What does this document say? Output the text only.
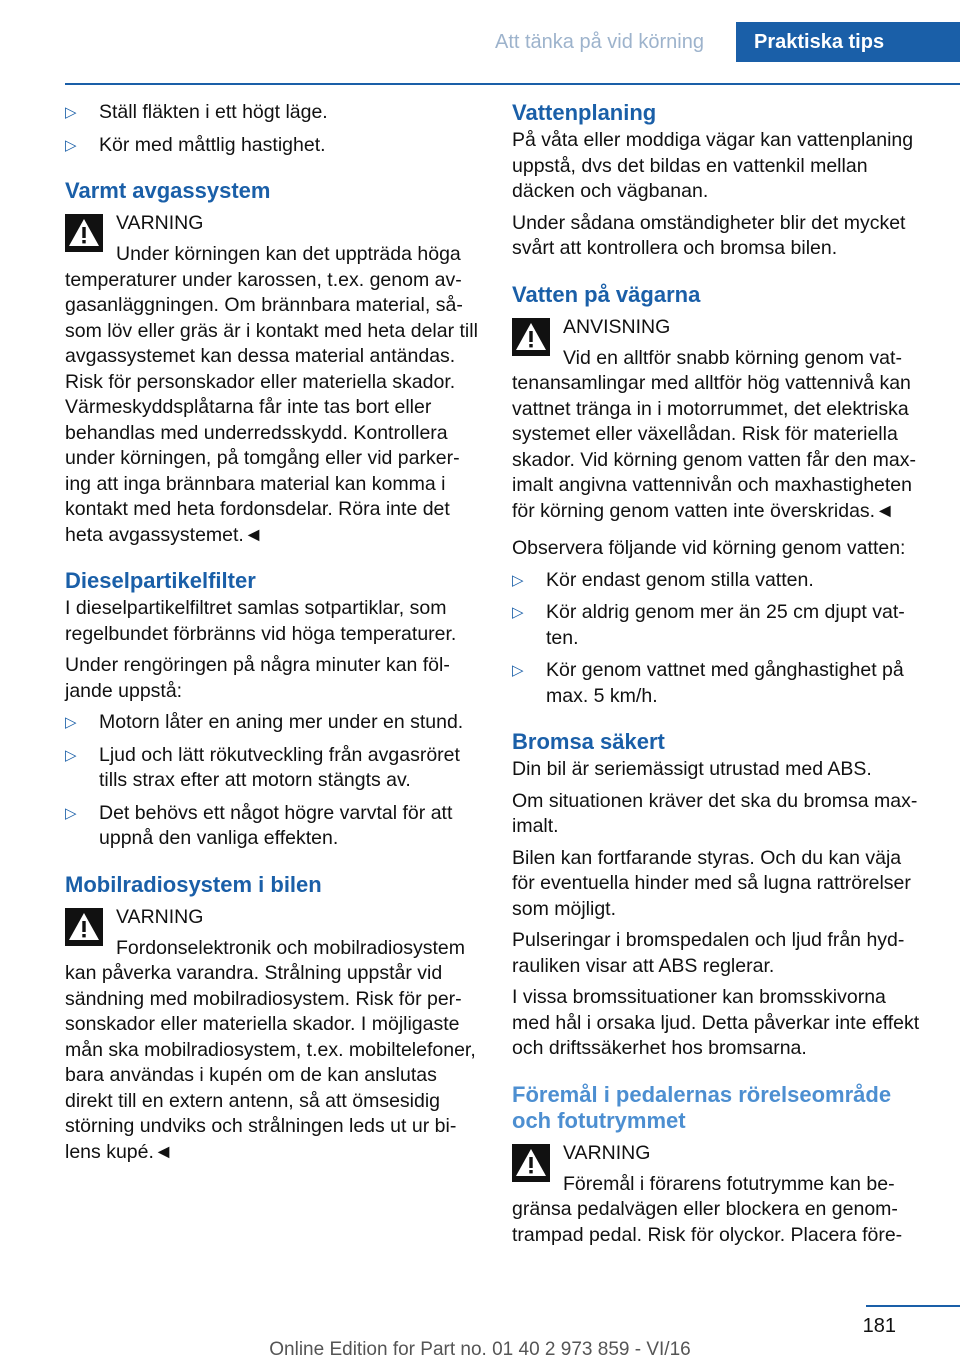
Att tänka på vid körning	Praktiska tips
▷ Ställ fläkten i ett högt läge.
▷ Kör med måttlig hastighet.
Varmt avgassystem
VARNING
Under körningen kan det uppträda höga temperaturer under karossen, t.ex. genom avgasanläggningen. Om brännbara material, såsom löv eller gräs är i kontakt med heta delar till avgassystemet kan dessa material antändas. Risk för personskador eller materiella skador. Värmeskyddsplåtarna får inte tas bort eller behandlas med underredsskydd. Kontrollera under körningen, på tomgång eller vid parkering att inga brännbara material kan komma i kontakt med heta fordonsdelar. Röra inte det heta avgassystemet.◄
Dieselpartikelfilter

I dieselpartikelfiltret samlas sotpartiklar, som regelbundet förbränns vid höga temperaturer.

Under rengöringen på några minuter kan följande uppstå:

▷ Motorn låter en aning mer under en stund.
▷ Ljud och lätt rökutveckling från avgasröret tills strax efter att motorn stängts av.
▷ Det behövs ett något högre varvtal för att uppnå den vanliga effekten.
Mobilradiosystem i bilen
VARNING
Fordonselektronik och mobilradiosystem kan påverka varandra. Strålning uppstår vid sändning med mobilradiosystem. Risk för personskador eller materiella skador. I möjligaste mån ska mobilradiosystem, t.ex. mobiltelefoner, bara användas i kupén om de kan anslutas direkt till en extern antenn, så att ömsesidig störning undviks och strålningen leds ut ur bilens kupé.◄
Vattenplaning

På våta eller moddiga vägar kan vattenplaning uppstå, dvs det bildas en vattenkil mellan däcken och vägbanan.

Under sådana omständigheter blir det mycket svårt att kontrollera och bromsa bilen.

Vatten på vägarna
ANVISNING
Vid en alltför snabb körning genom vattenansamlingar med alltför hög vattennivå kan vattnet tränga in i motorrummet, det elektriska systemet eller växellådan. Risk för materiella skador. Vid körning genom vatten får den maximalt angivna vattennivån och maxhastigheten för körning genom vatten inte överskridas.◄

Observera följande vid körning genom vatten:

▷ Kör endast genom stilla vatten.
▷ Kör aldrig genom mer än 25 cm djupt vatten.
▷ Kör genom vattnet med gånghastighet på max. 5 km/h.
Bromsa säkert

Din bil är seriemässigt utrustad med ABS.

Om situationen kräver det ska du bromsa maximalt.

Bilen kan fortfarande styras. Och du kan väja för eventuella hinder med så lugna rattrörelser som möjligt.

Pulseringar i bromspedalen och ljud från hydrauliken visar att ABS reglerar.

I vissa bromssituationer kan bromsskivorna med hål i orsaka ljud. Detta påverkar inte effekt och driftssäkerhet hos bromsarna.

Föremål i pedalernas rörelseområde och fotutrymmet
VARNING
Föremål i förarens fotutrymme kan begränsa pedalvägen eller blockera en genomtrampad pedal. Risk för olyckor. Placera före-
181
Online Edition for Part no. 01 40 2 973 859 - VI/16
